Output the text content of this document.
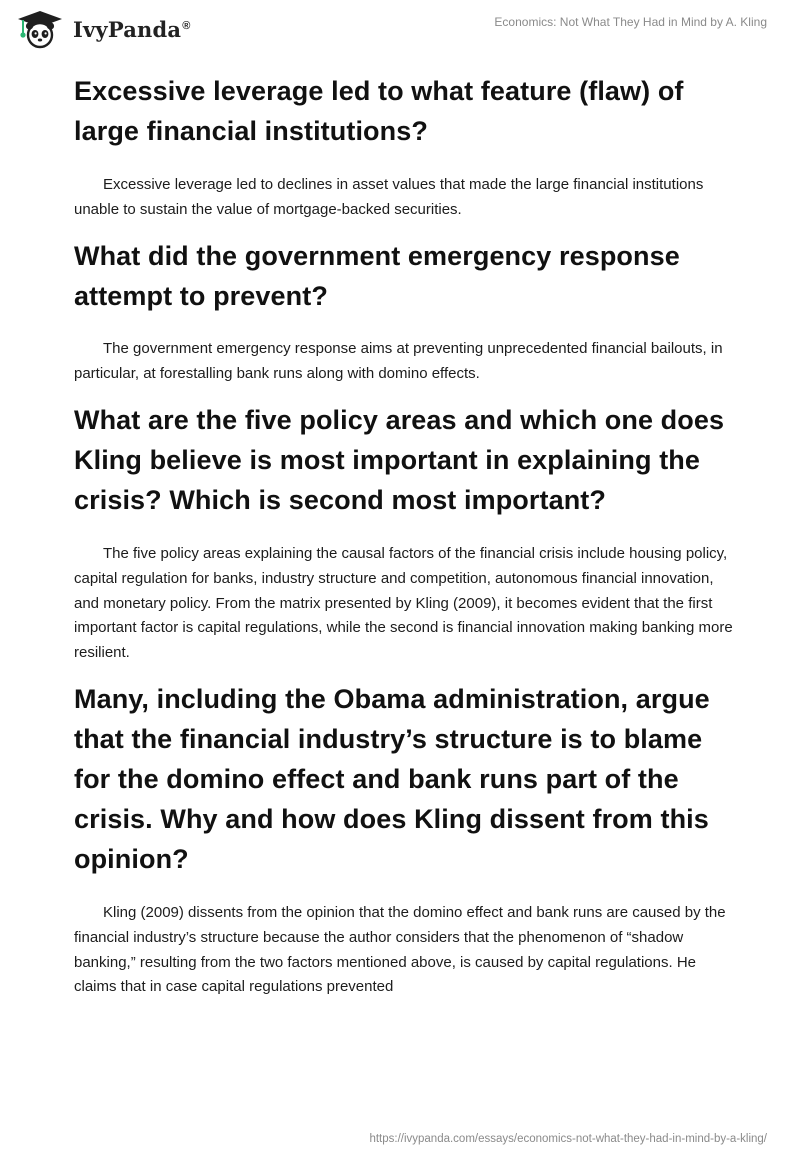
IvyPanda®	Economics: Not What They Had in Mind by A. Kling
Excessive leverage led to what feature (flaw) of large financial institutions?

Excessive leverage led to declines in asset values that made the large financial institutions unable to sustain the value of mortgage-backed securities.

What did the government emergency response attempt to prevent?

The government emergency response aims at preventing unprecedented financial bailouts, in particular, at forestalling bank runs along with domino effects.

What are the five policy areas and which one does Kling believe is most important in explaining the crisis? Which is second most important?

The five policy areas explaining the causal factors of the financial crisis include housing policy, capital regulation for banks, industry structure and competition, autonomous financial innovation, and monetary policy. From the matrix presented by Kling (2009), it becomes evident that the first important factor is capital regulations, while the second is financial innovation making banking more resilient.

Many, including the Obama administration, argue that the financial industry’s structure is to blame for the domino effect and bank runs part of the crisis. Why and how does Kling dissent from this opinion?

Kling (2009) dissents from the opinion that the domino effect and bank runs are caused by the financial industry’s structure because the author considers that the phenomenon of “shadow banking,” resulting from the two factors mentioned above, is caused by capital regulations. He claims that in case capital regulations prevented

https://ivypanda.com/essays/economics-not-what-they-had-in-mind-by-a-kling/
